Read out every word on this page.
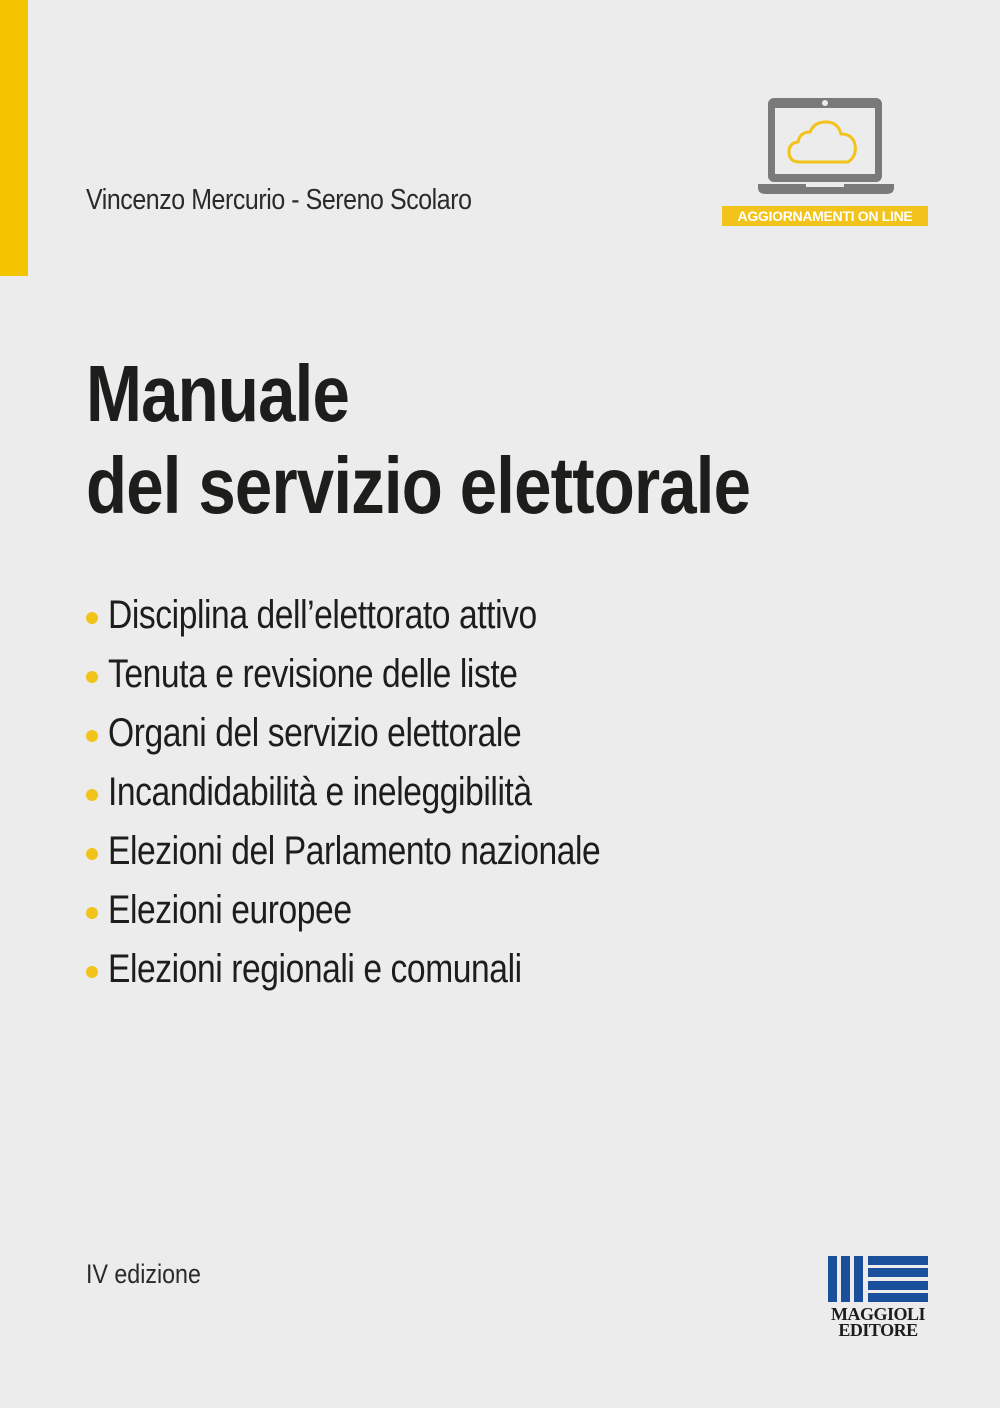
Vincenzo Mercurio - Sereno Scolaro	AGGIORNAMENTI ON LINE
Manuale
del servizio elettorale
Disciplina dell’elettorato attivo
Tenuta e revisione delle liste
Organi del servizio elettorale
Incandidabilità e ineleggibilità
Elezioni del Parlamento nazionale
Elezioni europee
Elezioni regionali e comunali
IV edizione
MAGGIOLI
EDITORE
